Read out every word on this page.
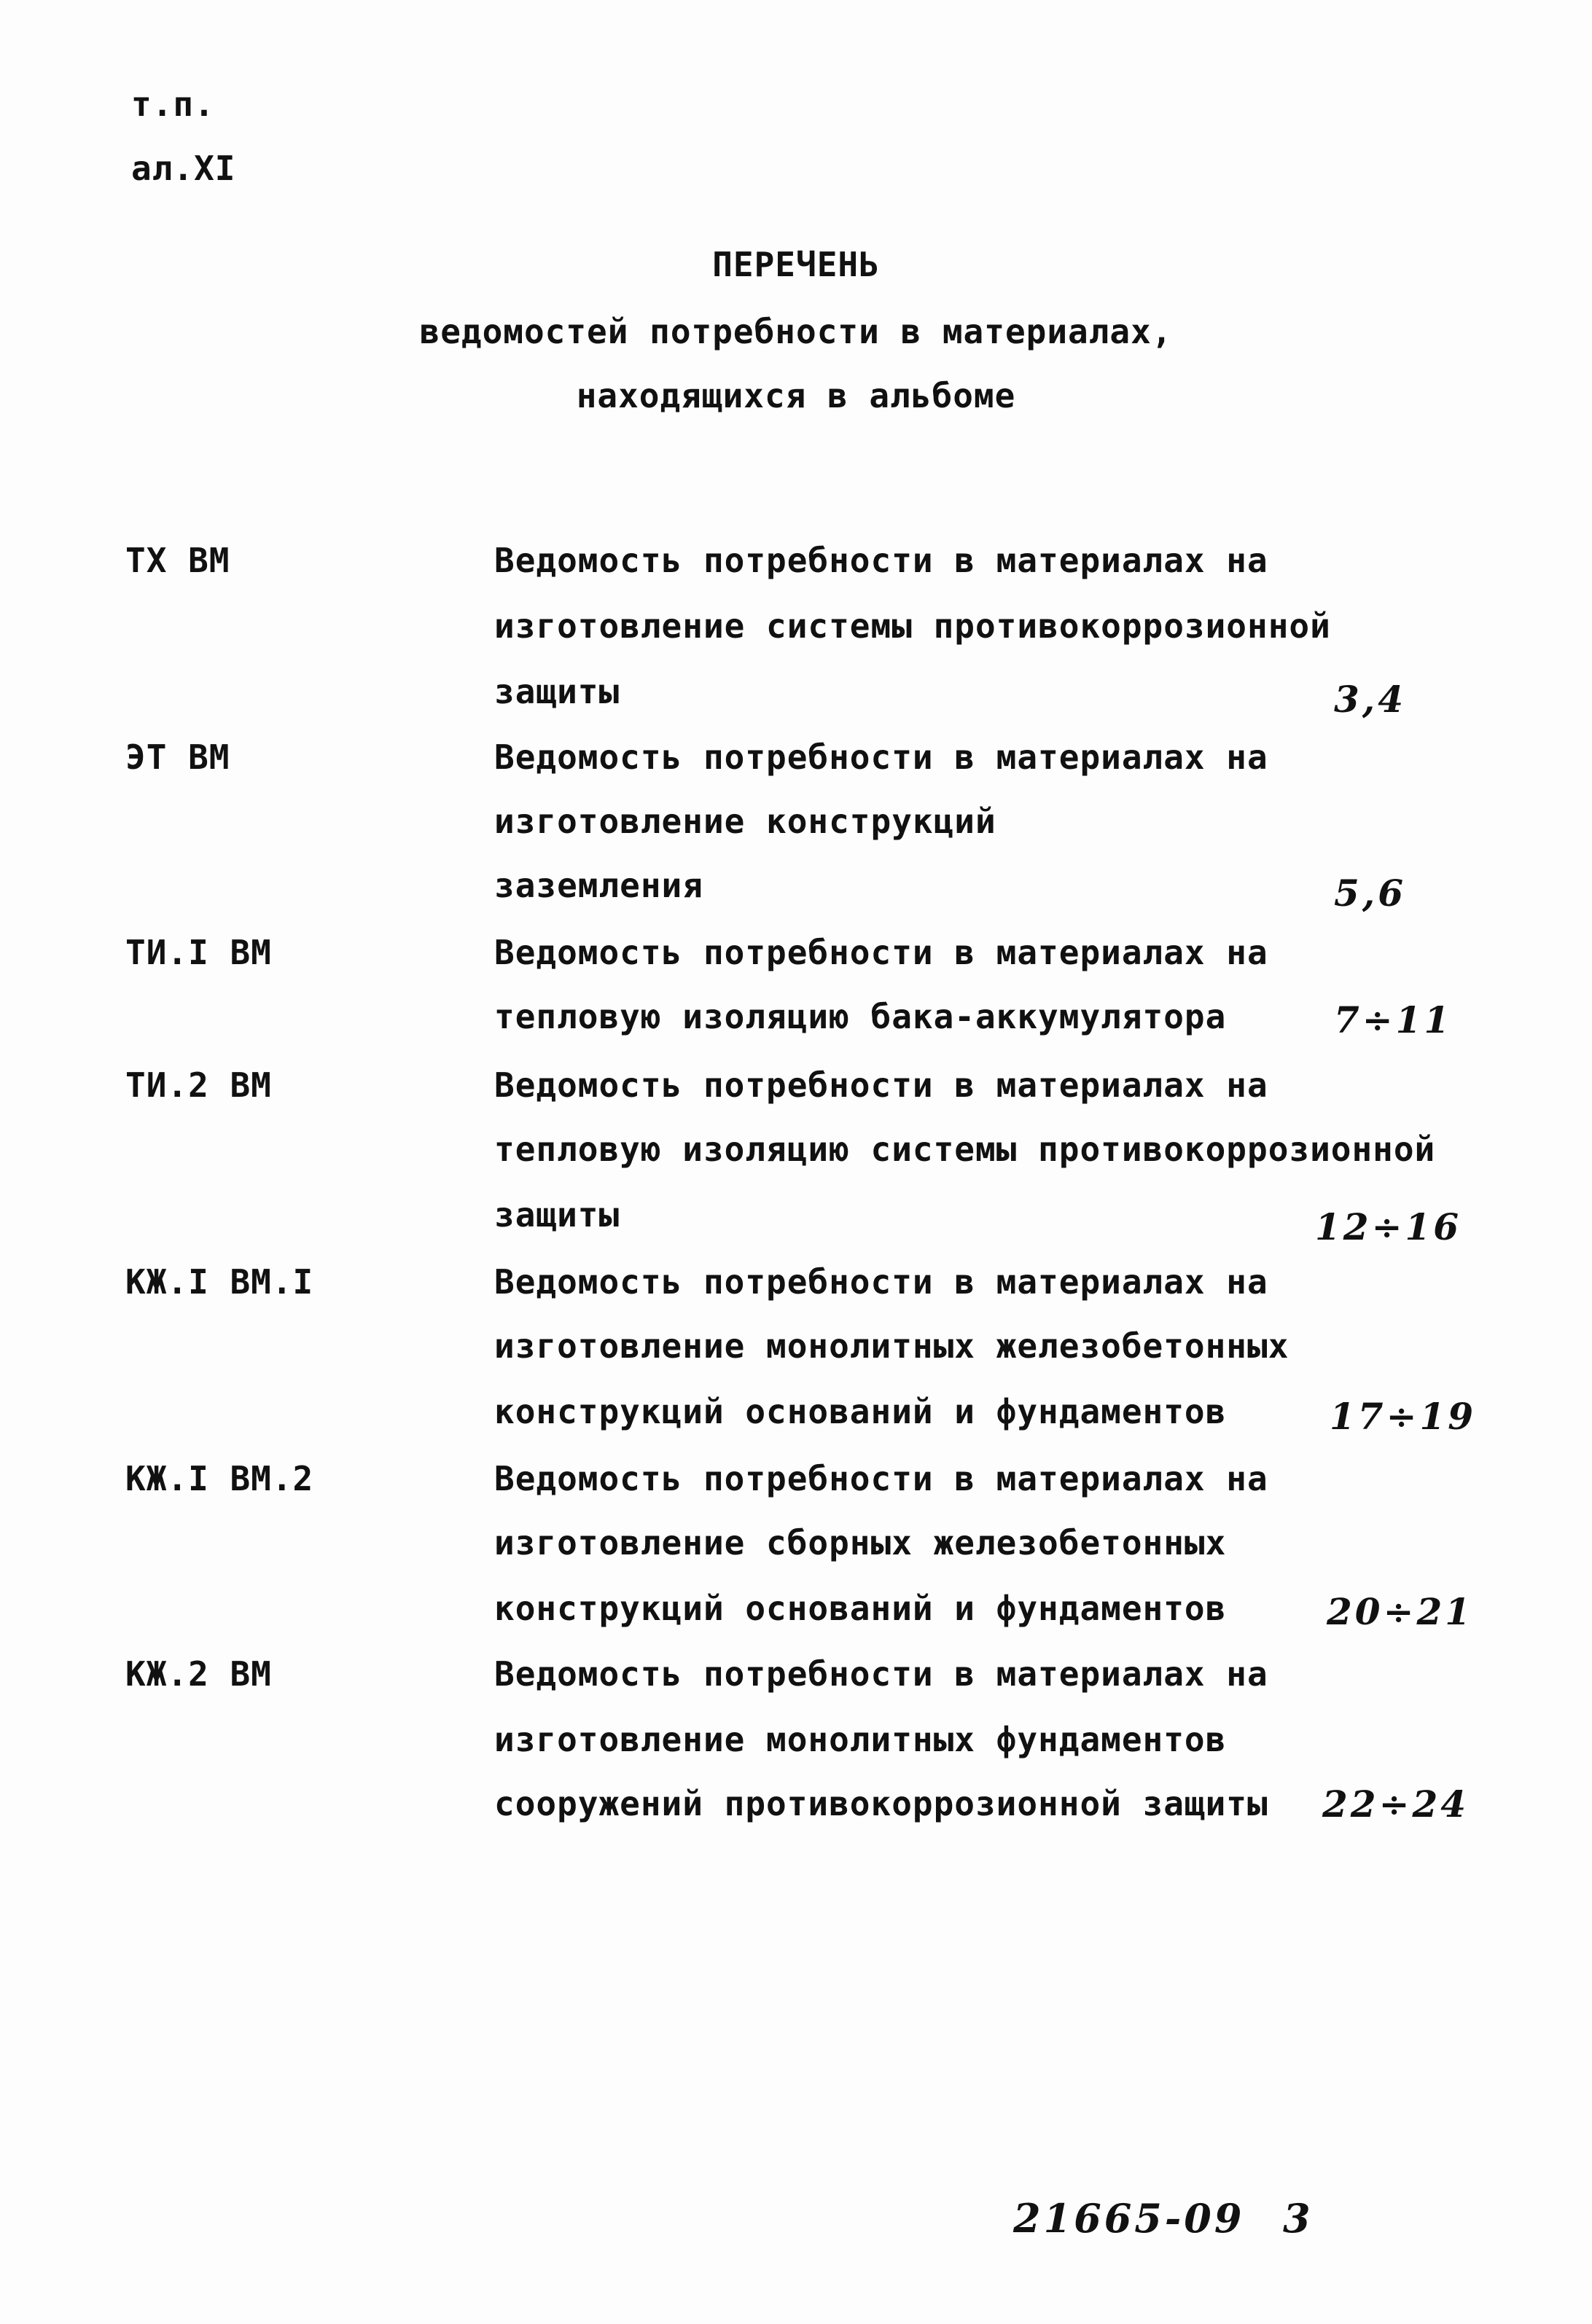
т.п.
ал.XI
ПЕРЕЧЕНЬ
ведомостей потребности в материалах,
находящихся в альбоме
ТХ ВМ	Ведомость потребности в материалах на
изготовление системы противокоррозионной
защиты	3,4
ЭТ ВМ	Ведомость потребности в материалах на
изготовление конструкций
заземления	5,6
ТИ.I ВМ	Ведомость потребности в материалах на
тепловую изоляцию бака-аккумулятора	7÷11
ТИ.2 ВМ	Ведомость потребности в материалах на
тепловую изоляцию системы противокоррозионной
защиты	12÷16
КЖ.I ВМ.I	Ведомость потребности в материалах на
изготовление монолитных железобетонных
конструкций оснований и фундаментов	17÷19
КЖ.I ВМ.2	Ведомость потребности в материалах на
изготовление сборных железобетонных
конструкций оснований и фундаментов	20÷21
КЖ.2 ВМ	Ведомость потребности в материалах на
изготовление монолитных фундаментов
сооружений противокоррозионной защиты 22÷24
21665-09 3
